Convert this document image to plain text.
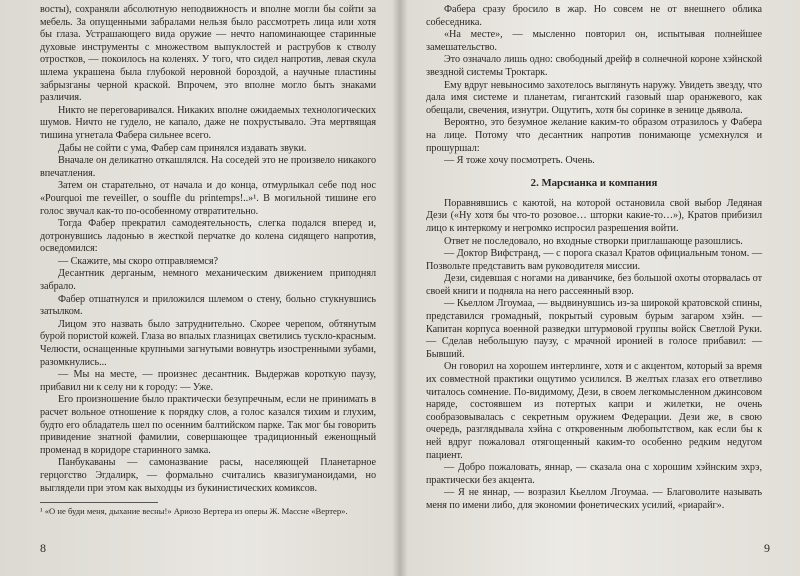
восты), сохраняли абсолютную неподвижность и вполне могли бы сойти за мебель. За опущенными забралами нельзя было рассмотреть лица или хотя бы глаза. Устрашающего вида оружие — нечто напоминающее старинные духовые инструменты с множеством выпуклостей и раструбов к стволу отростков, — покоилось на коленях. У того, что сидел напротив, левая скула шлема украшена была глубокой неровной бороздой, а научные пластины забрызганы черной краской. Впрочем, это вполне могло быть знаками различия.

Никто не переговаривался. Никаких вполне ожидаемых технологических шумов. Ничто не гудело, не капало, даже не похрустывало. Эта мертвящая тишина угнетала Фабера сильнее всего.

Дабы не сойти с ума, Фабер сам принялся издавать звуки.

Вначале он деликатно откашлялся. На соседей это не произвело никакого впечатления.

Затем он старательно, от начала и до конца, отмурлыкал себе под нос «Pourquoi me reveiller, o souffle du printemps!..»¹. В могильной тишине его голос звучал как-то по-особенному отвратительно.

Тогда Фабер прекратил самодеятельность, слегка подался вперед и, дотронувшись ладонью в жесткой перчатке до колена сидящего напротив, осведомился:

— Скажите, мы скоро отправляемся?

Десантник дерганым, немного механическим движением приподнял забрало.

Фабер отшатнулся и приложился шлемом о стену, больно стукнувшись затылком.

Лицом это назвать было затруднительно. Скорее черепом, обтянутым бурой пористой кожей. Глаза во впалых глазницах светились тускло-красным. Челюсти, оснащенные крупными загнутыми вовнутрь изостренными зубами, разомкнулись...

— Мы на месте, — произнес десантник. Выдержав короткую паузу, прибавил ни к селу ни к городу: — Уже.

Его произношение было практически безупречным, если не принимать в расчет вольное отношение к порядку слов, а голос казался тихим и глухим, будто его обладатель шел по осенним балтийском парке. Так мог бы говорить привидение знатной фамилии, совершающее традиционный еженощный променад в коридоре старинного замка.

Панбукаваны — самоназвание расы, населяющей Планетарное герцогство Эгдалирк, — формально считались квазигуманоидами, но выглядели при этом как выходцы из букинистических комиксов.

¹ «О не буди меня, дыхание весны!» Ариозо Вертера из оперы Ж. Массне «Вертер».

8

Фабера сразу бросило в жар. Но совсем не от внешнего облика собеседника.

«На месте», — мысленно повторил он, испытывая полнейшее замешательство.

Это означало лишь одно: свободный дрейф в солнечной короне хэйнской звездной системы Троктарк.

Ему вдруг невыносимо захотелось выглянуть наружу. Увидеть звезду, что дала имя системе и планетам, гигантский газовый шар оранжевого, как обещали, свечения, изнутри. Ощутить, хотя бы соринке в зенице дьявола.

Вероятно, это безумное желание каким-то образом отразилось у Фабера на лице. Потому что десантник напротив понимающе усмехнулся и прошуршал:

— Я тоже хочу посмотреть. Очень.

2. Марсианка и компания

Поравнявшись с каютой, на которой остановила свой выбор Ледяная Дези («Ну хотя бы что-то розовое… шторки какие-то…»), Кратов прибизил лицо к интеркому и негромко испросил разрешения войти.

Ответ не последовало, но входные створки приглашающе разошлись.

— Доктор Вифстранд, — с порога сказал Кратов официальным тоном. — Позвольте представить вам руководителя миссии.

Дези, сидевшая с ногами на диванчике, без большой охоты оторвалась от своей книги и подняла на него рассеянный взор.

— Кьеллом Лгоумаа, — выдвинувшись из-за широкой кратовской спины, представился громадный, покрытый суровым бурым загаром хэйн. — Капитан корпуса военной разведки штурмовой группы войск Светлой Руки. — Сделав небольшую паузу, с мрачной иронией в голосе прибавил: — Бывший.

Он говорил на хорошем интерлинге, хотя и с акцентом, который за время их совместной практики ощутимо усилился. В желтых глазах его ответливо читалось сомнение. По-видимому, Дези, в своем легкомысленном джинсовом наряде, состоявшем из потертых капри и жилетки, не очень сообразовывалась с секретным оружием Федерации. Дези же, в свою очередь, разглядывала хэйна с откровенным любопытством, как если бы к ней вдруг пожаловал отягощенный каким-то особенно редким недугом пациент.

— Добро пожаловать, яннар, — сказала она с хорошим хэйнским эхрэ, практически без акцента.

— Я не яннар, — возразил Кьеллом Лгоумаа. — Благоволите называть меня по имени либо, для экономии фонетических усилий, «риарайг».

9
